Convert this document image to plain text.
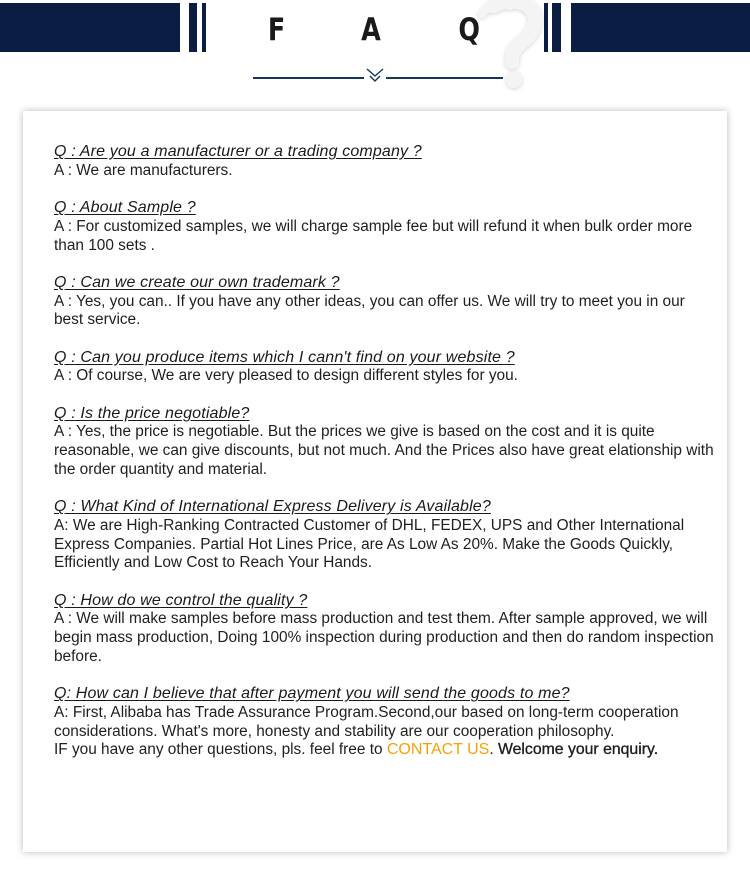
F A Q
Q : Are you a manufacturer or a trading company ?
A : We are manufacturers.
Q : About Sample ?
A : For customized samples, we will charge sample fee but will refund it when bulk order more than 100 sets .
Q : Can we create our own trademark ?
A : Yes, you can.. If you have any other ideas, you can offer us. We will try to meet you in our best service.
Q : Can you produce items which I cann't find on your website ?
A : Of course, We are very pleased to design different styles for you.
Q : Is the price negotiable?
A : Yes, the price is negotiable. But the prices we give is based on the cost and it is quite reasonable, we can give discounts, but not much. And the Prices also have great elationship with the order quantity and material.
Q : What Kind of International Express Delivery is Available?
A: We are High-Ranking Contracted Customer of DHL, FEDEX, UPS and Other International Express Companies. Partial Hot Lines Price, are As Low As 20%. Make the Goods Quickly, Efficiently and Low Cost to Reach Your Hands.
Q : How do we control the quality ?
A : We will make samples before mass production and test them. After sample approved, we will begin mass production, Doing 100% inspection during production and then do random inspection before.
Q: How can I believe that after payment you will send the goods to me?
A: First, Alibaba has Trade Assurance Program.Second,our based on long-term cooperation considerations. What's more, honesty and stability are our cooperation philosophy.
IF you have any other questions, pls. feel free to CONTACT US. Welcome your enquiry.
